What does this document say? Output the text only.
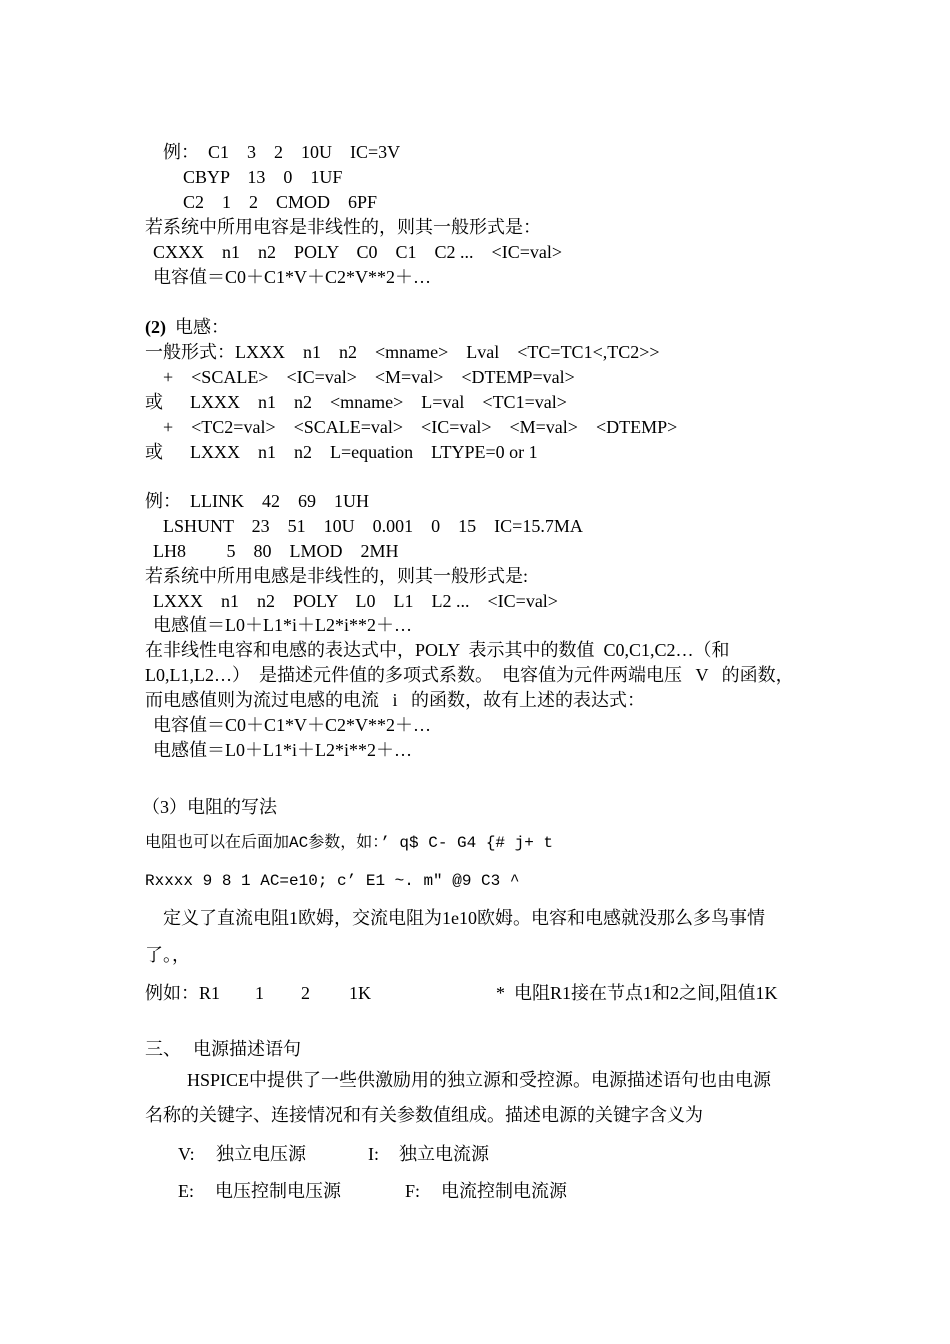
例：  C1    3    2    10U    IC=3V

CBYP    13    0    1UF

C2    1    2    CMOD    6PF

若系统中所用电容是非线性的，则其一般形式是：

CXXX    n1    n2    POLY    C0    C1    C2 ...    <IC=val>

电容值＝C0＋C1*V＋C2*V**2＋…

(2) 电感：

一般形式：LXXX    n1    n2    <mname>    Lval    <TC=TC1<,TC2>>

+    <SCALE>    <IC=val>    <M=val>    <DTEMP=val>

或      LXXX    n1    n2    <mname>    L=val    <TC1=val>

+    <TC2=val>    <SCALE=val>    <IC=val>    <M=val>    <DTEMP>

或      LXXX    n1    n2    L=equation    LTYPE=0 or 1

例：  LLINK    42    69    1UH

LSHUNT    23    51    10U    0.001    0    15    IC=15.7MA

LH8         5    80    LMOD    2MH

若系统中所用电感是非线性的，则其一般形式是:

LXXX    n1    n2    POLY    L0    L1    L2 ...    <IC=val>

电感值＝L0＋L1*i＋L2*i**2＋…

在非线性电容和电感的表达式中，POLY  表示其中的数值  C0,C1,C2…（和

L0,L1,L2…）  是描述元件值的多项式系数。  电容值为元件两端电压   V   的函数，

而电感值则为流过电感的电流   i   的函数，故有上述的表达式：

电容值＝C0＋C1*V＋C2*V**2＋…

电感值＝L0＋L1*i＋L2*i**2＋…

（3）电阻的写法

电阻也可以在后面加AC参数，如：’ q$ C- G4 {# j+ t

Rxxxx 9 8 1 AC=e10; c’ E1 ~. m″ @9 C3 ^

定义了直流电阻1欧姆，交流电阻为1e10欧姆。电容和电感就没那么多鸟事情

了。，

例如：R1 1 2 1K	*  电阻R1接在节点1和2之间,阻值1K

三、 电源描述语句

HSPICE中提供了一些供激励用的独立源和受控源。电源描述语句也由电源

名称的关键字、连接情况和有关参数值组成。描述电源的关键字含义为

V: 独立电压源	I: 独立电流源

E: 电压控制电压源	F: 电流控制电流源
